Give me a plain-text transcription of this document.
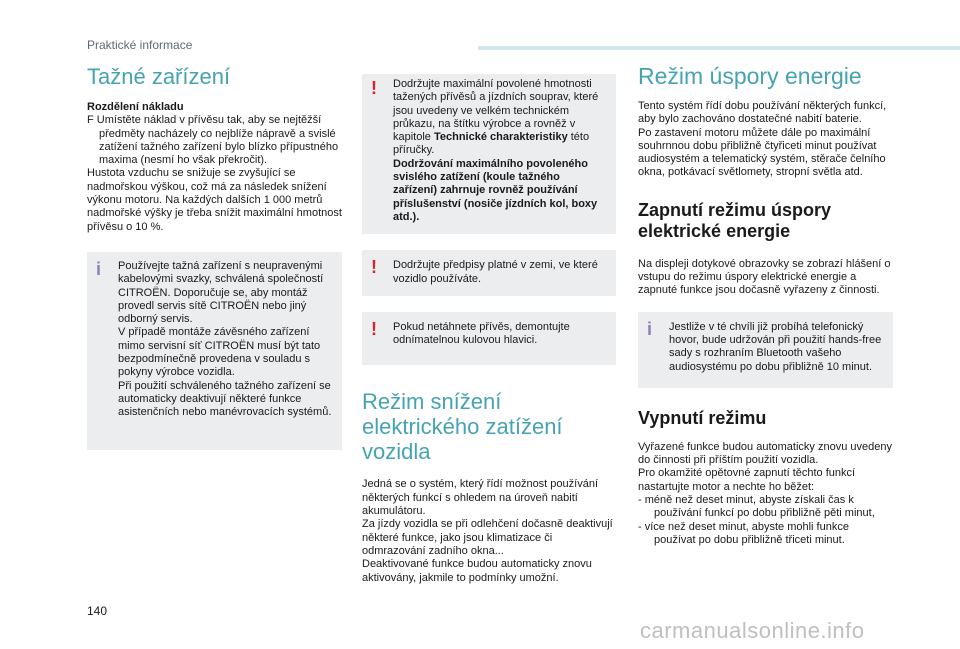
Praktické informace
Tažné zařízení

Rozdělení nákladu

F Umístěte náklad v přívěsu tak, aby se nejtěžší předměty nacházely co nejblíže nápravě a svislé zatížení tažného zařízení bylo blízko přípustného maxima (nesmí ho však překročit).

Hustota vzduchu se snižuje se zvyšující se nadmořskou výškou, což má za následek snížení výkonu motoru. Na každých dalších 1 000 metrů nadmořské výšky je třeba snížit maximální hmotnost přívěsu o 10 %.

i Používejte tažná zařízení s neupravenými kabelovými svazky, schválená společností CITROËN. Doporučuje se, aby montáž provedl servis sítě CITROËN nebo jiný odborný servis.

V případě montáže závěsného zařízení mimo servisní síť CITROËN musí být tato bezpodmínečně provedena v souladu s pokyny výrobce vozidla.

Při použití schváleného tažného zařízení se automaticky deaktivují některé funkce asistenčních nebo manévrovacích systémů.

! Dodržujte maximální povolené hmotnosti tažených přívěsů a jízdních souprav, které jsou uvedeny ve velkém technickém průkazu, na štítku výrobce a rovněž v kapitole Technické charakteristiky této příručky.

Dodržování maximálního povoleného svislého zatížení (koule tažného zařízení) zahrnuje rovněž používání příslušenství (nosiče jízdních kol, boxy atd.).

! Dodržujte předpisy platné v zemi, ve které vozidlo používáte.

! Pokud netáhnete přívěs, demontujte odnímatelnou kulovou hlavici.

Režim snížení elektrického zatížení vozidla

Jedná se o systém, který řídí možnost používání některých funkcí s ohledem na úroveň nabití akumulátoru.

Za jízdy vozidla se při odlehčení dočasně deaktivují některé funkce, jako jsou klimatizace či odmrazování zadního okna...

Deaktivované funkce budou automaticky znovu aktivovány, jakmile to podmínky umožní.

Režim úspory energie

Tento systém řídí dobu používání některých funkcí, aby bylo zachováno dostatečné nabití baterie.

Po zastavení motoru můžete dále po maximální souhrnnou dobu přibližně čtyřiceti minut používat audiosystém a telematický systém, stěrače čelního okna, potkávací světlomety, stropní světla atd.

Zapnutí režimu úspory elektrické energie

Na displeji dotykové obrazovky se zobrazí hlášení o vstupu do režimu úspory elektrické energie a zapnuté funkce jsou dočasně vyřazeny z činnosti.

i Jestliže v té chvíli již probíhá telefonický hovor, bude udržován při použití hands-free sady s rozhraním Bluetooth vašeho audiosystému po dobu přibližně 10 minut.

Vypnutí režimu

Vyřazené funkce budou automaticky znovu uvedeny do činnosti při příštím použití vozidla.

Pro okamžité opětovné zapnutí těchto funkcí nastartujte motor a nechte ho běžet:

- méně než deset minut, abyste získali čas k používání funkcí po dobu přibližně pěti minut,

- více než deset minut, abyste mohli funkce používat po dobu přibližně třiceti minut.

140
carmanualsonline.info
